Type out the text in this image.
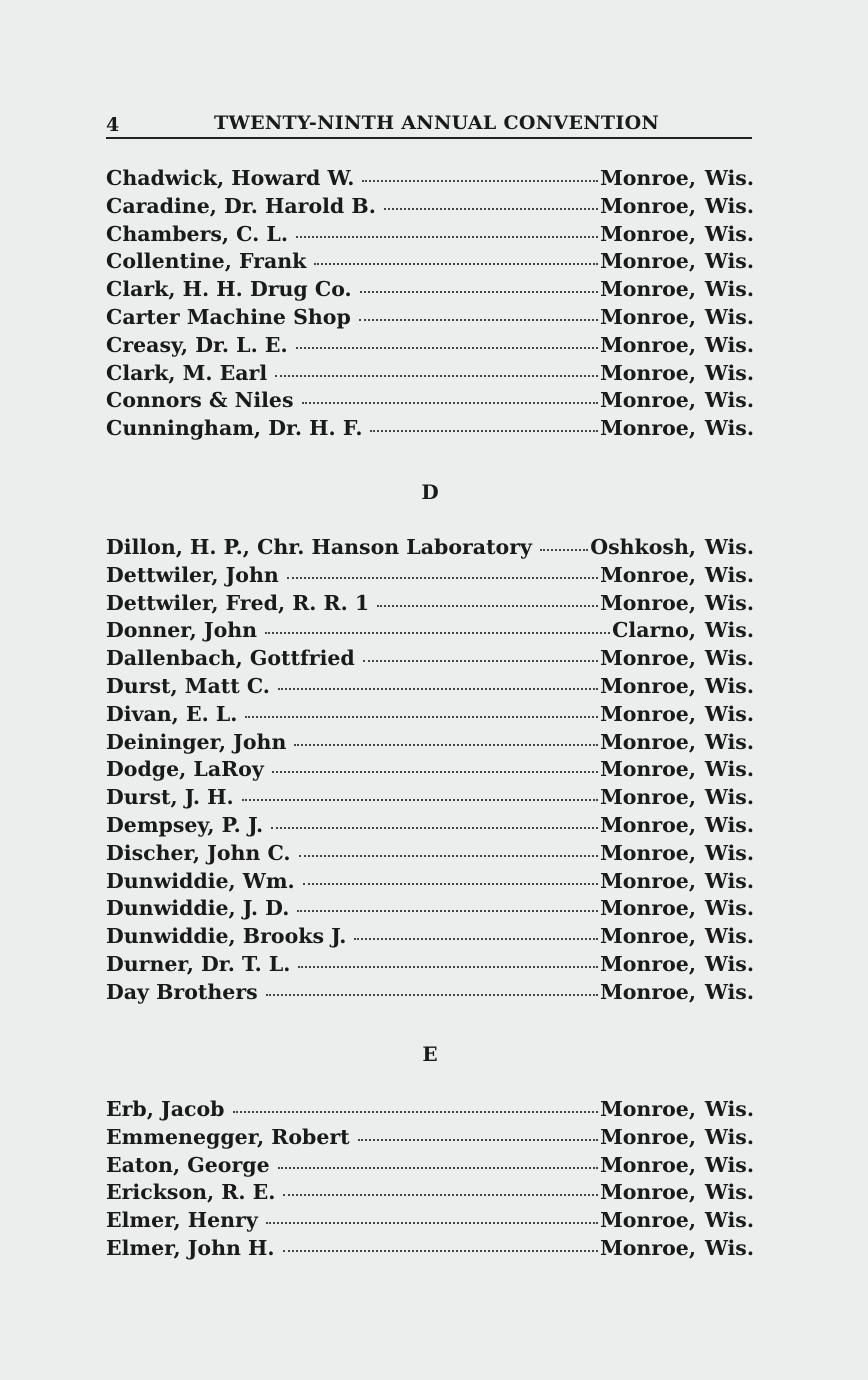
4	TWENTY-NINTH ANNUAL CONVENTION
Chadwick, Howard W.	Monroe, Wis.
Caradine, Dr. Harold B.	Monroe, Wis.
Chambers, C. L.	Monroe, Wis.
Collentine, Frank	Monroe, Wis.
Clark, H. H. Drug Co.	Monroe, Wis.
Carter Machine Shop	Monroe, Wis.
Creasy, Dr. L. E.	Monroe, Wis.
Clark, M. Earl	Monroe, Wis.
Connors & Niles	Monroe, Wis.
Cunningham, Dr. H. F.	Monroe, Wis.
D
Dillon, H. P., Chr. Hanson Laboratory	Oshkosh, Wis.
Dettwiler, John	Monroe, Wis.
Dettwiler, Fred, R. R. 1	Monroe, Wis.
Donner, John	Clarno, Wis.
Dallenbach, Gottfried	Monroe, Wis.
Durst, Matt C.	Monroe, Wis.
Divan, E. L.	Monroe, Wis.
Deininger, John	Monroe, Wis.
Dodge, LaRoy	Monroe, Wis.
Durst, J. H.	Monroe, Wis.
Dempsey, P. J.	Monroe, Wis.
Discher, John C.	Monroe, Wis.
Dunwiddie, Wm.	Monroe, Wis.
Dunwiddie, J. D.	Monroe, Wis.
Dunwiddie, Brooks J.	Monroe, Wis.
Durner, Dr. T. L.	Monroe, Wis.
Day Brothers	Monroe, Wis.
E
Erb, Jacob	Monroe, Wis.
Emmenegger, Robert	Monroe, Wis.
Eaton, George	Monroe, Wis.
Erickson, R. E.	Monroe, Wis.
Elmer, Henry	Monroe, Wis.
Elmer, John H.	Monroe, Wis.
